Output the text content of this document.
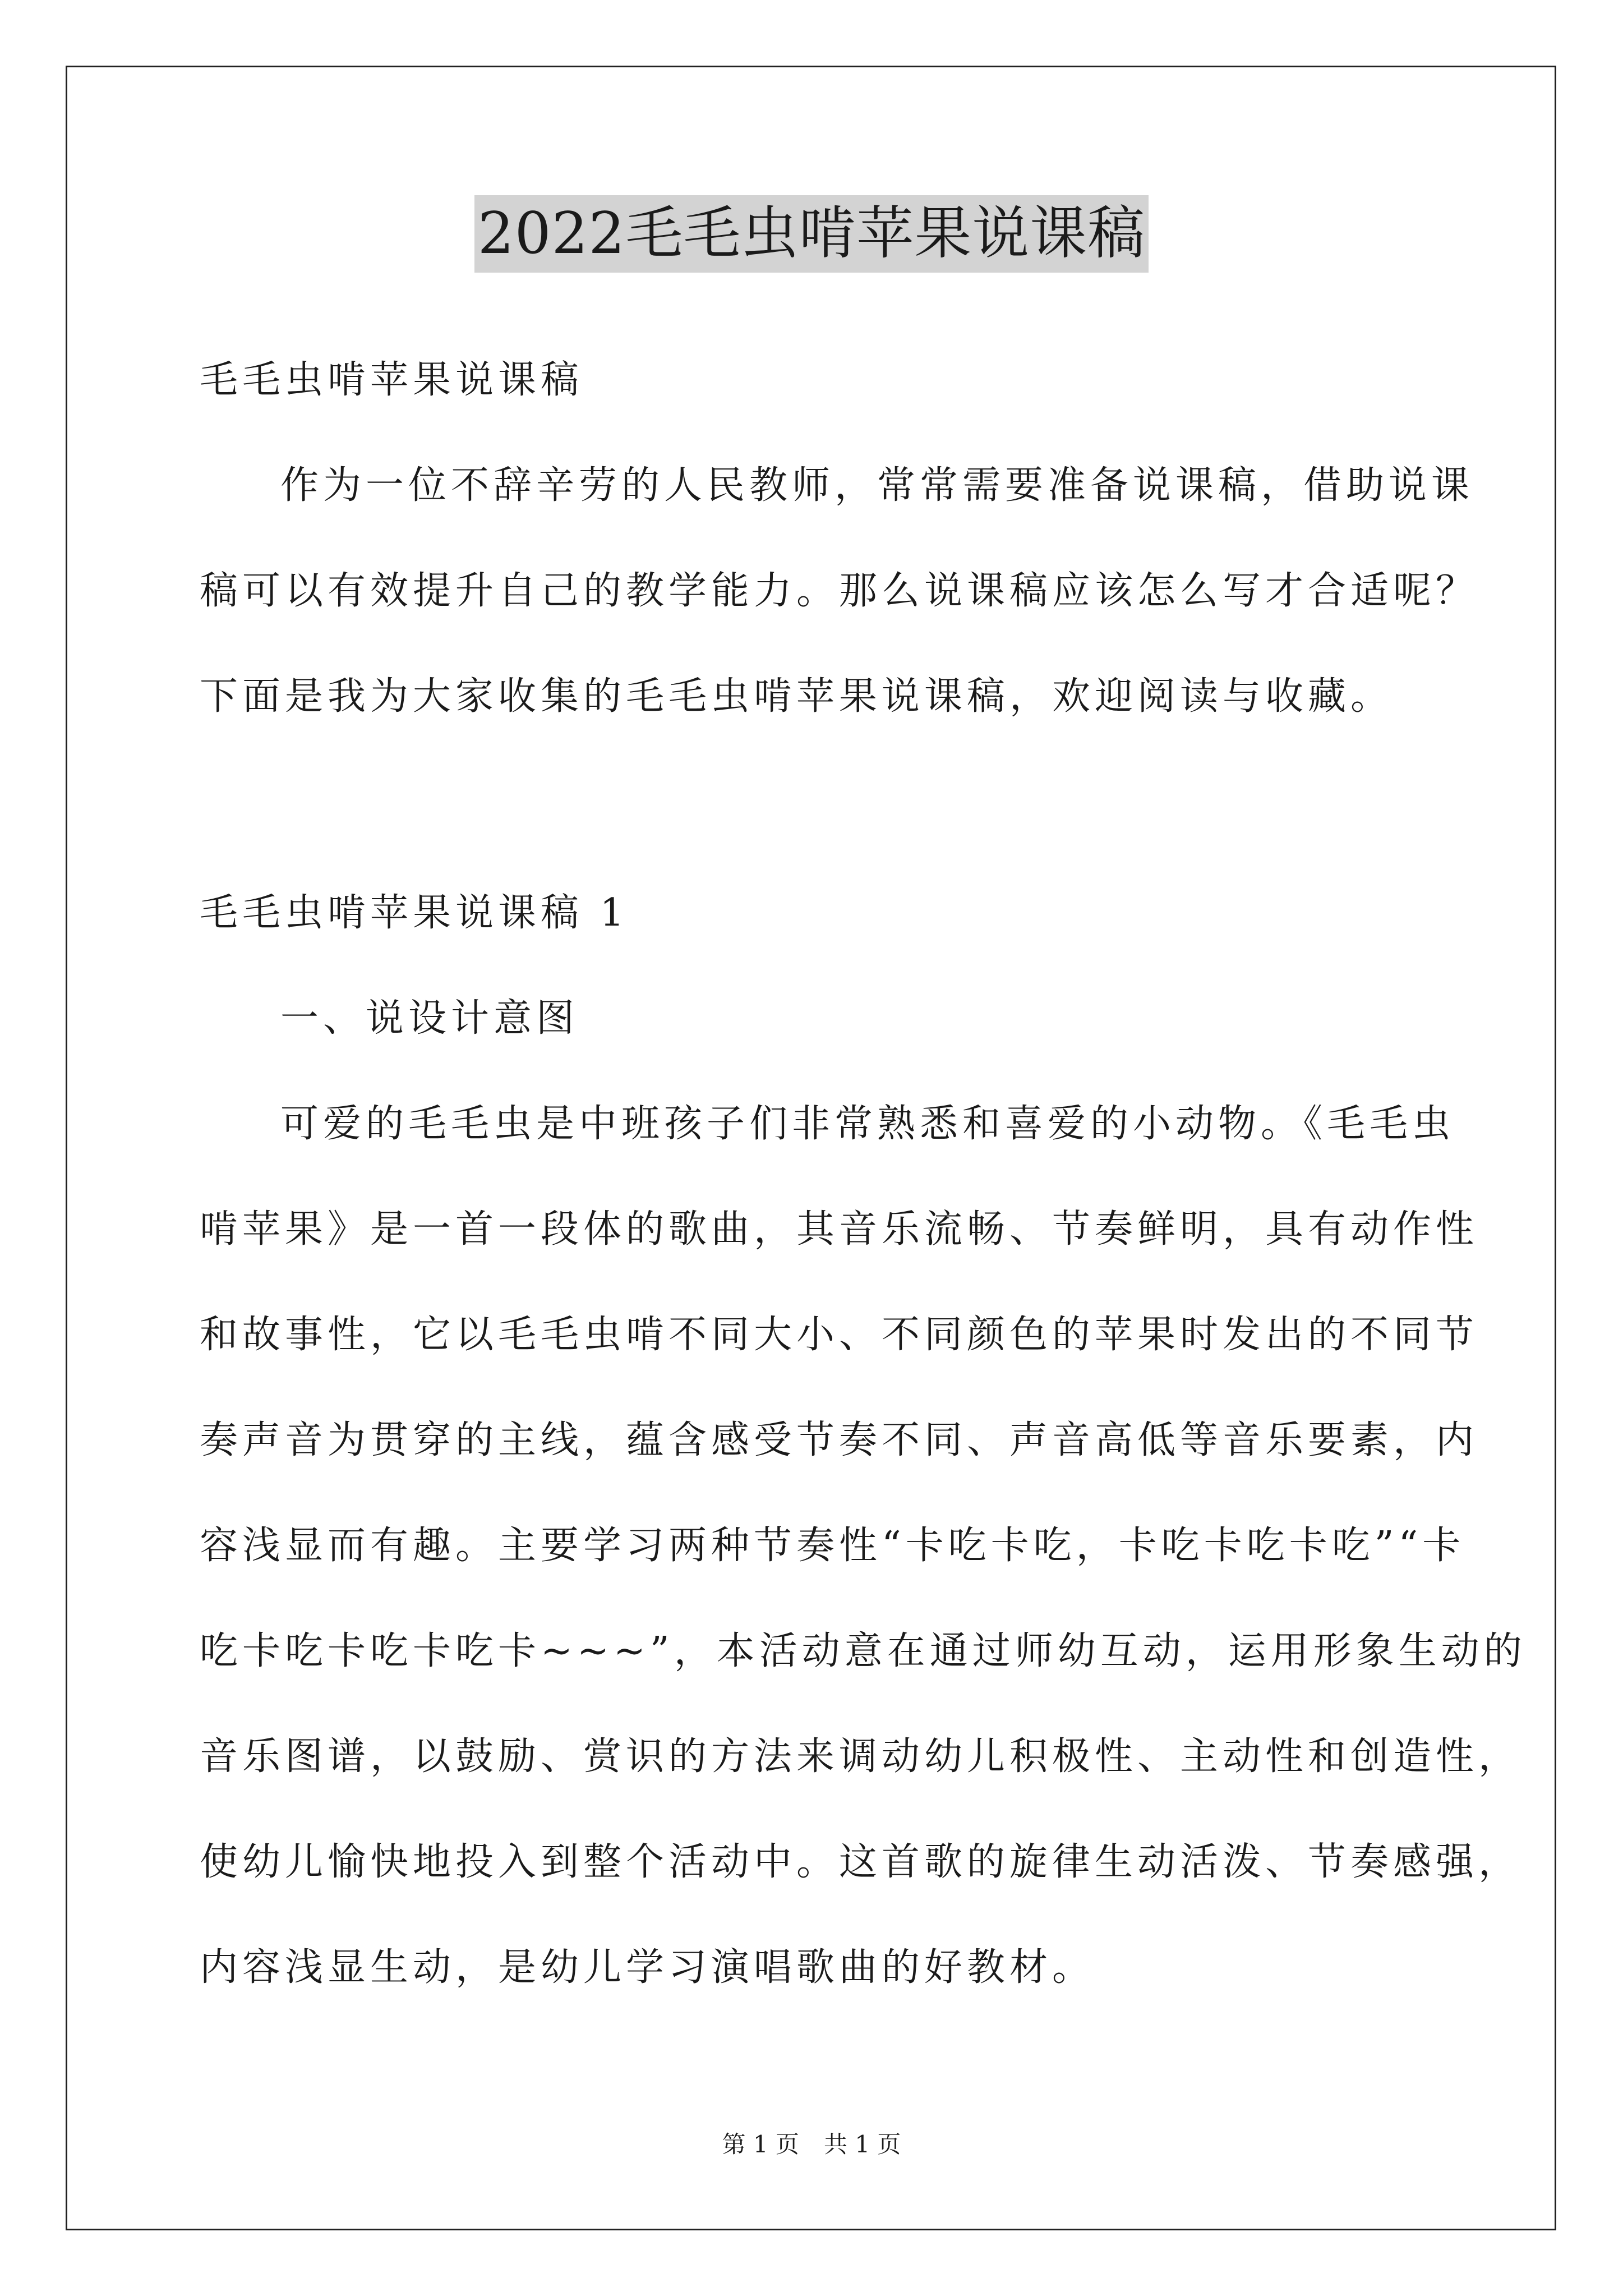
2022毛毛虫啃苹果说课稿
毛毛虫啃苹果说课稿
作为一位不辞辛劳的人民教师，常常需要准备说课稿，借助说课
稿可以有效提升自己的教学能力。那么说课稿应该怎么写才合适呢？
下面是我为大家收集的毛毛虫啃苹果说课稿，欢迎阅读与收藏。
毛毛虫啃苹果说课稿 1
一、说设计意图
可爱的毛毛虫是中班孩子们非常熟悉和喜爱的小动物。《毛毛虫
啃苹果》是一首一段体的歌曲，其音乐流畅、节奏鲜明，具有动作性
和故事性，它以毛毛虫啃不同大小、不同颜色的苹果时发出的不同节
奏声音为贯穿的主线，蕴含感受节奏不同、声音高低等音乐要素，内
容浅显而有趣。主要学习两种节奏性“卡吃卡吃，卡吃卡吃卡吃”“卡
吃卡吃卡吃卡吃卡~~~”，本活动意在通过师幼互动，运用形象生动的
音乐图谱，以鼓励、赏识的方法来调动幼儿积极性、主动性和创造性，
使幼儿愉快地投入到整个活动中。这首歌的旋律生动活泼、节奏感强，
内容浅显生动，是幼儿学习演唱歌曲的好教材。
第 1 页 共 1 页
